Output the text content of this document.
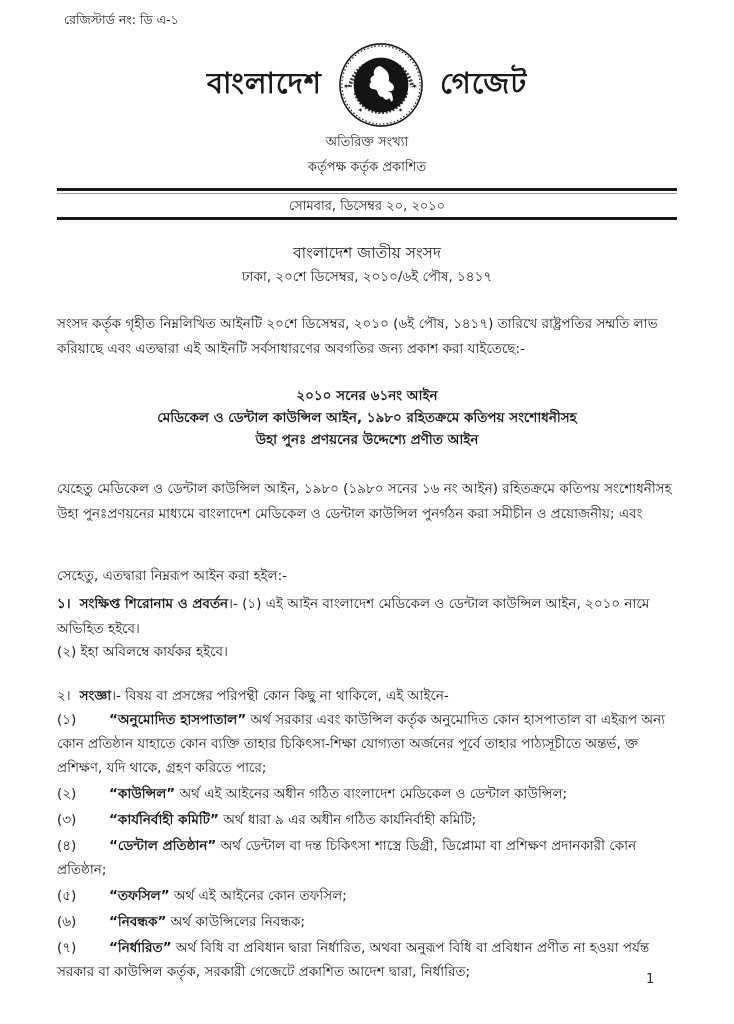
রেজিস্টার্ড নং: ডি এ-১
বাংলাদেশ	✶	✶
✶	✶
গেজেট
অতিরিক্ত সংখ্যা
কর্তৃপক্ষ কর্তৃক প্রকাশিত
সোমবার, ডিসেম্বর ২০, ২০১০
বাংলাদেশ জাতীয় সংসদ
ঢাকা, ২০শে ডিসেম্বর, ২০১০/৬ই পৌষ, ১৪১৭

সংসদ কর্তৃক গৃহীত নিম্নলিখিত আইনটি ২০শে ডিসেম্বর, ২০১০ (৬ই পৌষ, ১৪১৭) তারিখে রাষ্ট্রপতির সম্মতি লাভ করিয়াছে এবং এতদ্বারা এই আইনটি সর্বসাধারণের অবগতির জন্য প্রকাশ করা যাইতেছে:-

২০১০ সনের ৬১নং আইন
মেডিকেল ও ডেন্টাল কাউন্সিল আইন, ১৯৮০ রহিতক্রমে কতিপয় সংশোধনীসহ
উহা পুনঃ প্রণয়নের উদ্দেশ্যে প্রণীত আইন

যেহেতু মেডিকেল ও ডেন্টাল কাউন্সিল আইন, ১৯৮০ (১৯৮০ সনের ১৬ নং আইন) রহিতক্রমে কতিপয় সংশোধনীসহ উহা পুনঃপ্রণয়নের মাধ্যমে বাংলাদেশ মেডিকেল ও ডেন্টাল কাউন্সিল পুনর্গঠন করা সমীচীন ও প্রয়োজনীয়; এবং

সেহেতু, এতদ্বারা নিম্নরূপ আইন করা হইল:-

১। সংক্ষিপ্ত শিরোনাম ও প্রবর্তন।- (১) এই আইন বাংলাদেশ মেডিকেল ও ডেন্টাল কাউন্সিল আইন, ২০১০ নামে অভিহিত হইবে।

(২) ইহা অবিলম্বে কার্যকর হইবে।

২। সংজ্ঞা।- বিষয় বা প্রসঙ্গের পরিপন্থী কোন কিছু না থাকিলে, এই আইনে-

(১) “অনুমোদিত হাসপাতাল” অর্থ সরকার এবং কাউন্সিল কর্তৃক অনুমোদিত কোন হাসপাতাল বা এইরূপ অন্য কোন প্রতিষ্ঠান যাহাতে কোন ব্যক্তি তাহার চিকিৎসা-শিক্ষা যোগ্যতা অর্জনের পূর্বে তাহার পাঠ্যসূচীতে অন্তর্ভ, ক্ত প্রশিক্ষণ, যদি থাকে, গ্রহণ করিতে পারে;

(২) “কাউন্সিল” অর্থ এই আইনের অধীন গঠিত বাংলাদেশ মেডিকেল ও ডেন্টাল কাউন্সিল;

(৩) “কার্যনির্বাহী কমিটি” অর্থ ধারা ৯ এর অধীন গঠিত কার্যনির্বাহী কমিটি;

(৪) “ডেন্টাল প্রতিষ্ঠান” অর্থ ডেন্টাল বা দন্ত চিকিৎসা শাস্ত্রে ডিগ্রী, ডিপ্লোমা বা প্রশিক্ষণ প্রদানকারী কোন প্রতিষ্ঠান;

(৫) “তফসিল” অর্থ এই আইনের কোন তফসিল;

(৬) “নিবন্ধক” অর্থ কাউন্সিলের নিবন্ধক;

(৭) “নির্ধারিত” অর্থ বিধি বা প্রবিধান দ্বারা নির্ধারিত, অথবা অনুরূপ বিধি বা প্রবিধান প্রণীত না হওয়া পর্যন্ত সরকার বা কাউন্সিল কর্তৃক, সরকারী গেজেটে প্রকাশিত আদেশ দ্বারা, নির্ধারিত;	1
